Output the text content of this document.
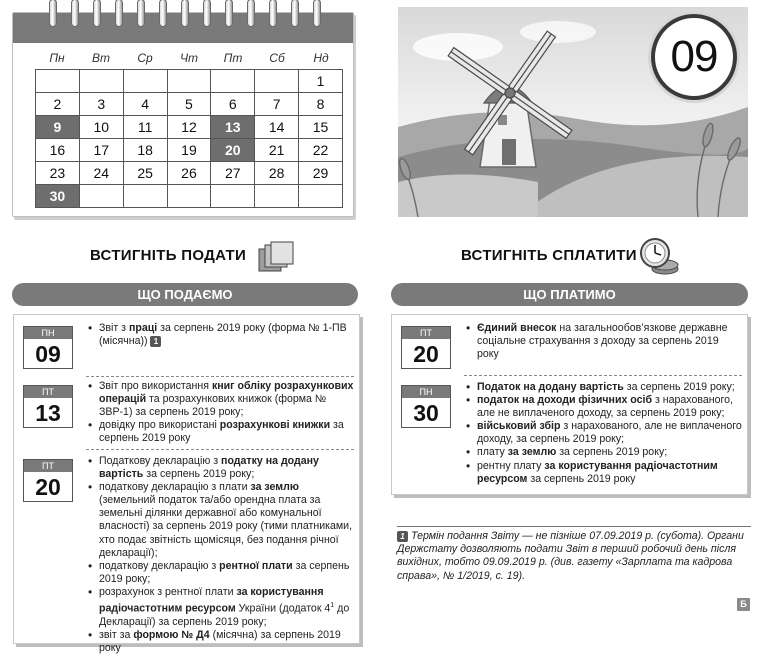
Пн	Вт	Ср	Чт	Пт	Сб	Нд
						1
2	3	4	5	6	7	8
9	10	11	12	13	14	15
16	17	18	19	20	21	22
23	24	25	26	27	28	29
30						
09
ВСТИГНІТЬ ПОДАТИ	ВСТИГНІТЬ СПЛАТИТИ
ЩО ПОДАЄМО	ЩО ПЛАТИМО
ПН
09

• Звіт з праці за серпень 2019 року (форма № 1-ПВ (місячна)) 1

ПТ
13

• Звіт про використання книг обліку розрахункових операцій та розрахункових книжок (форма № ЗВР-1) за серпень 2019 року;

• довідку про використані розрахункові книжки за серпень 2019 року

ПТ
20

• Податкову декларацію з податку на додану вартість за серпень 2019 року;

• податкову декларацію з плати за землю (земельний податок та/або орендна плата за земельні ділянки державної або комунальної власності) за серпень 2019 року (тими платниками, хто подає звітність щомісяця, без подання річної декларації);

• податкову декларацію з рентної плати за серпень 2019 року;

• розрахунок з рентної плати за користування радіочастотним ресурсом України (додаток $4^1$ до Декларації) за серпень 2019 року;

• звіт за формою № Д4 (місячна) за серпень 2019 року

ПТ
20

• Єдиний внесок на загальнообов’язкове державне соціальне страхування з доходу за серпень 2019 року

ПН
30

• Податок на додану вартість за серпень 2019 року;

• податок на доходи фізичних осіб з нарахованого, але не виплаченого доходу, за серпень 2019 року;

• військовий збір з нарахованого, але не виплаченого доходу, за серпень 2019 року;

• плату за землю за серпень 2019 року;

• рентну плату за користування радіочастотним ресурсом за серпень 2019 року

1 Термін подання Звіту — не пізніше 07.09.2019 р. (субота). Органи Держстату дозволяють подати Звіт в перший робочий день після вихідних, тобто 09.09.2019 р. (див. газету «Зарплата та кадрова справа», № 1/2019, с. 19).
Б
